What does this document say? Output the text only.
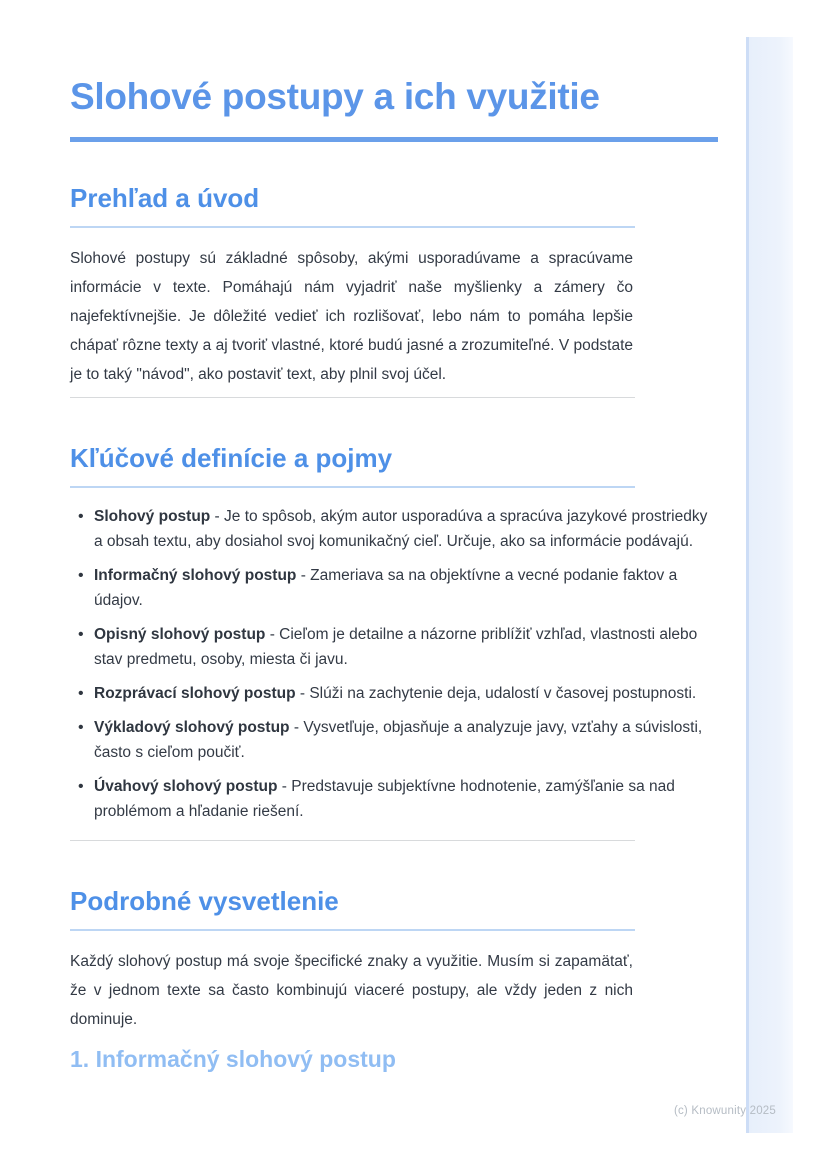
Slohové postupy a ich využitie
Prehľad a úvod

Slohové postupy sú základné spôsoby, akými usporadúvame a spracúvame informácie v texte. Pomáhajú nám vyjadriť naše myšlienky a zámery čo najefektívnejšie. Je dôležité vedieť ich rozlišovať, lebo nám to pomáha lepšie chápať rôzne texty a aj tvoriť vlastné, ktoré budú jasné a zrozumiteľné. V podstate je to taký "návod", ako postaviť text, aby plnil svoj účel.

Kľúčové definície a pojmy
• Slohový postup - Je to spôsob, akým autor usporadúva a spracúva jazykové prostriedky a obsah textu, aby dosiahol svoj komunikačný cieľ. Určuje, ako sa informácie podávajú.
• Informačný slohový postup - Zameriava sa na objektívne a vecné podanie faktov a údajov.
• Opisný slohový postup - Cieľom je detailne a názorne priblížiť vzhľad, vlastnosti alebo stav predmetu, osoby, miesta či javu.
• Rozprávací slohový postup - Slúži na zachytenie deja, udalostí v časovej postupnosti.
• Výkladový slohový postup - Vysvetľuje, objasňuje a analyzuje javy, vzťahy a súvislosti, často s cieľom poučiť.
• Úvahový slohový postup - Predstavuje subjektívne hodnotenie, zamýšľanie sa nad problémom a hľadanie riešení.
Podrobné vysvetlenie

Každý slohový postup má svoje špecifické znaky a využitie. Musím si zapamätať, že v jednom texte sa často kombinujú viaceré postupy, ale vždy jeden z nich dominuje.

1. Informačný slohový postup
(c) Knowunity 2025
